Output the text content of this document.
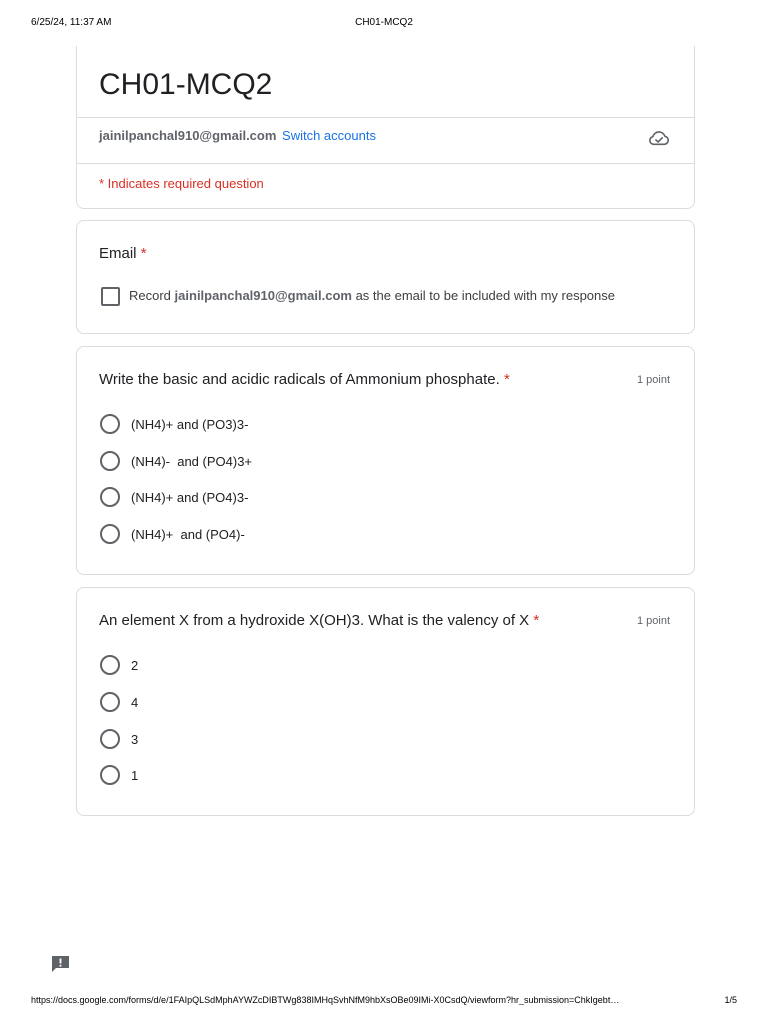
6/25/24, 11:37 AM	CH01-MCQ2
CH01-MCQ2
jainilpanchal910@gmail.com Switch accounts
* Indicates required question
Email *
Record jainilpanchal910@gmail.com as the email to be included with my response
Write the basic and acidic radicals of Ammonium phosphate. *	1 point
(NH4)+ and (PO3)3-
(NH4)-  and (PO4)3+
(NH4)+ and (PO4)3-
(NH4)+  and (PO4)-
An element X from a hydroxide X(OH)3. What is the valency of X *	1 point
2
4
3
1
https://docs.google.com/forms/d/e/1FAIpQLSdMphAYWZcDIBTWg838IMHqSvhNfM9hbXsOBe09IMi-X0CsdQ/viewform?hr_submission=ChkIgebt…	1/5
